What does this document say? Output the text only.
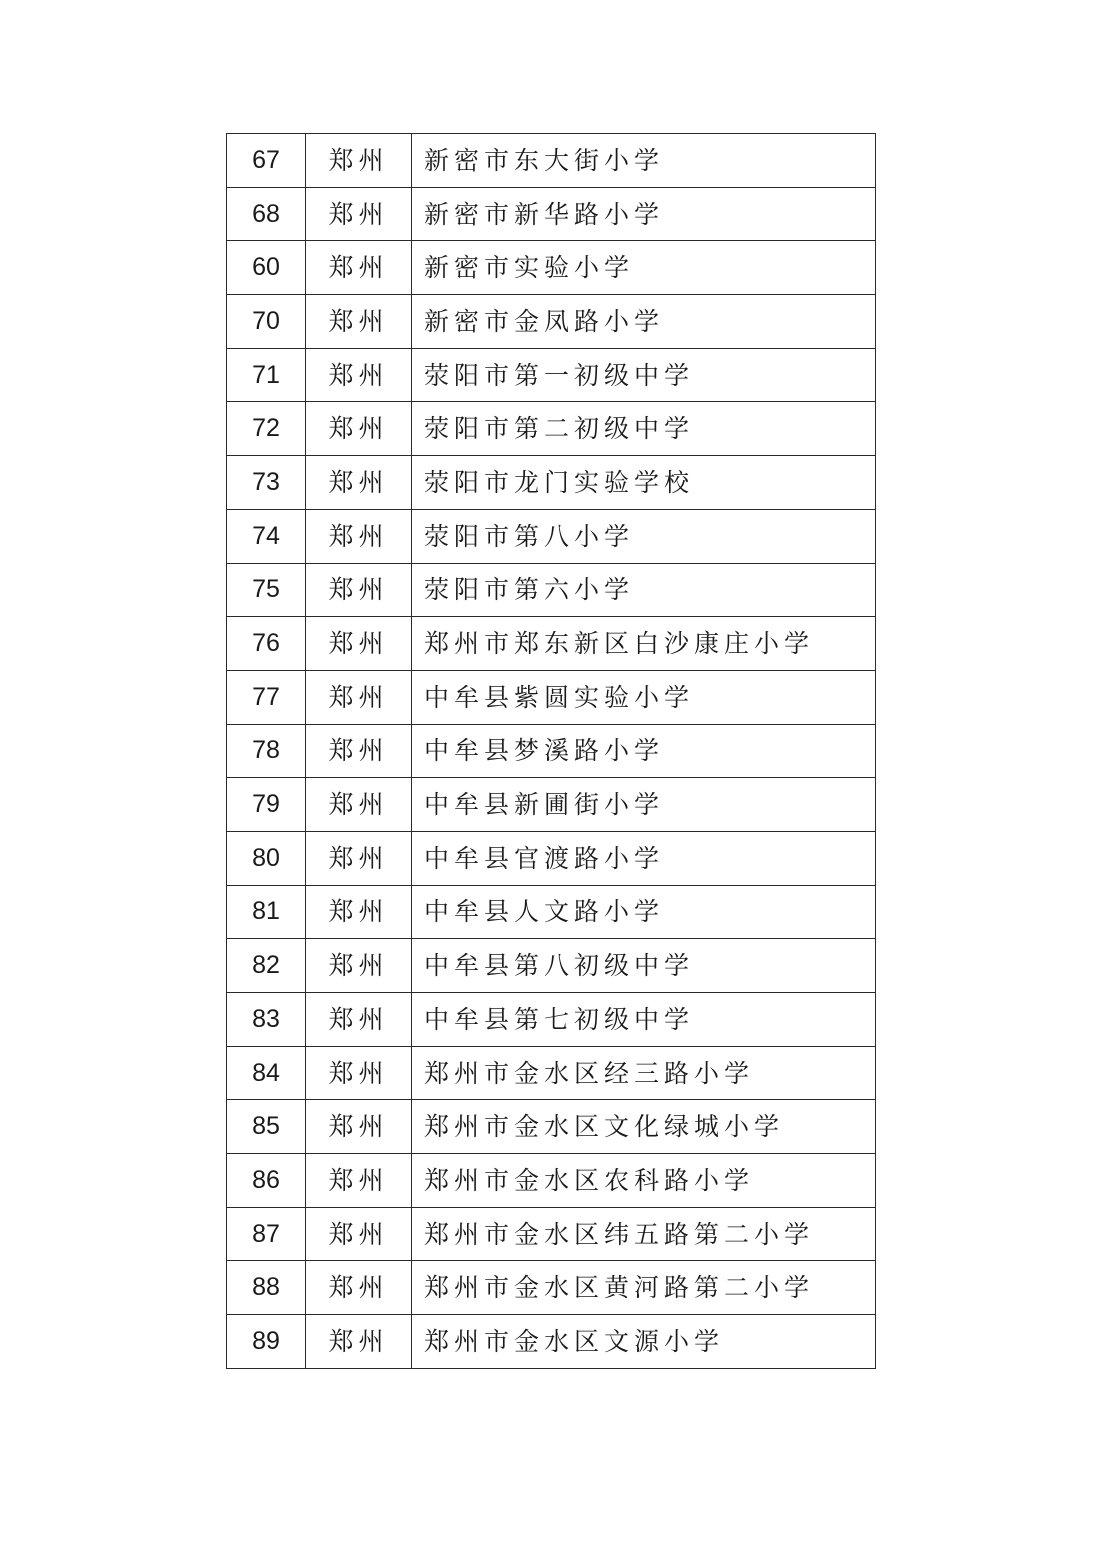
67	郑州	新密市东大街小学
68	郑州	新密市新华路小学
60	郑州	新密市实验小学
70	郑州	新密市金凤路小学
71	郑州	荥阳市第一初级中学
72	郑州	荥阳市第二初级中学
73	郑州	荥阳市龙门实验学校
74	郑州	荥阳市第八小学
75	郑州	荥阳市第六小学
76	郑州	郑州市郑东新区白沙康庄小学
77	郑州	中牟县紫圆实验小学
78	郑州	中牟县梦溪路小学
79	郑州	中牟县新圃街小学
80	郑州	中牟县官渡路小学
81	郑州	中牟县人文路小学
82	郑州	中牟县第八初级中学
83	郑州	中牟县第七初级中学
84	郑州	郑州市金水区经三路小学
85	郑州	郑州市金水区文化绿城小学
86	郑州	郑州市金水区农科路小学
87	郑州	郑州市金水区纬五路第二小学
88	郑州	郑州市金水区黄河路第二小学
89	郑州	郑州市金水区文源小学
